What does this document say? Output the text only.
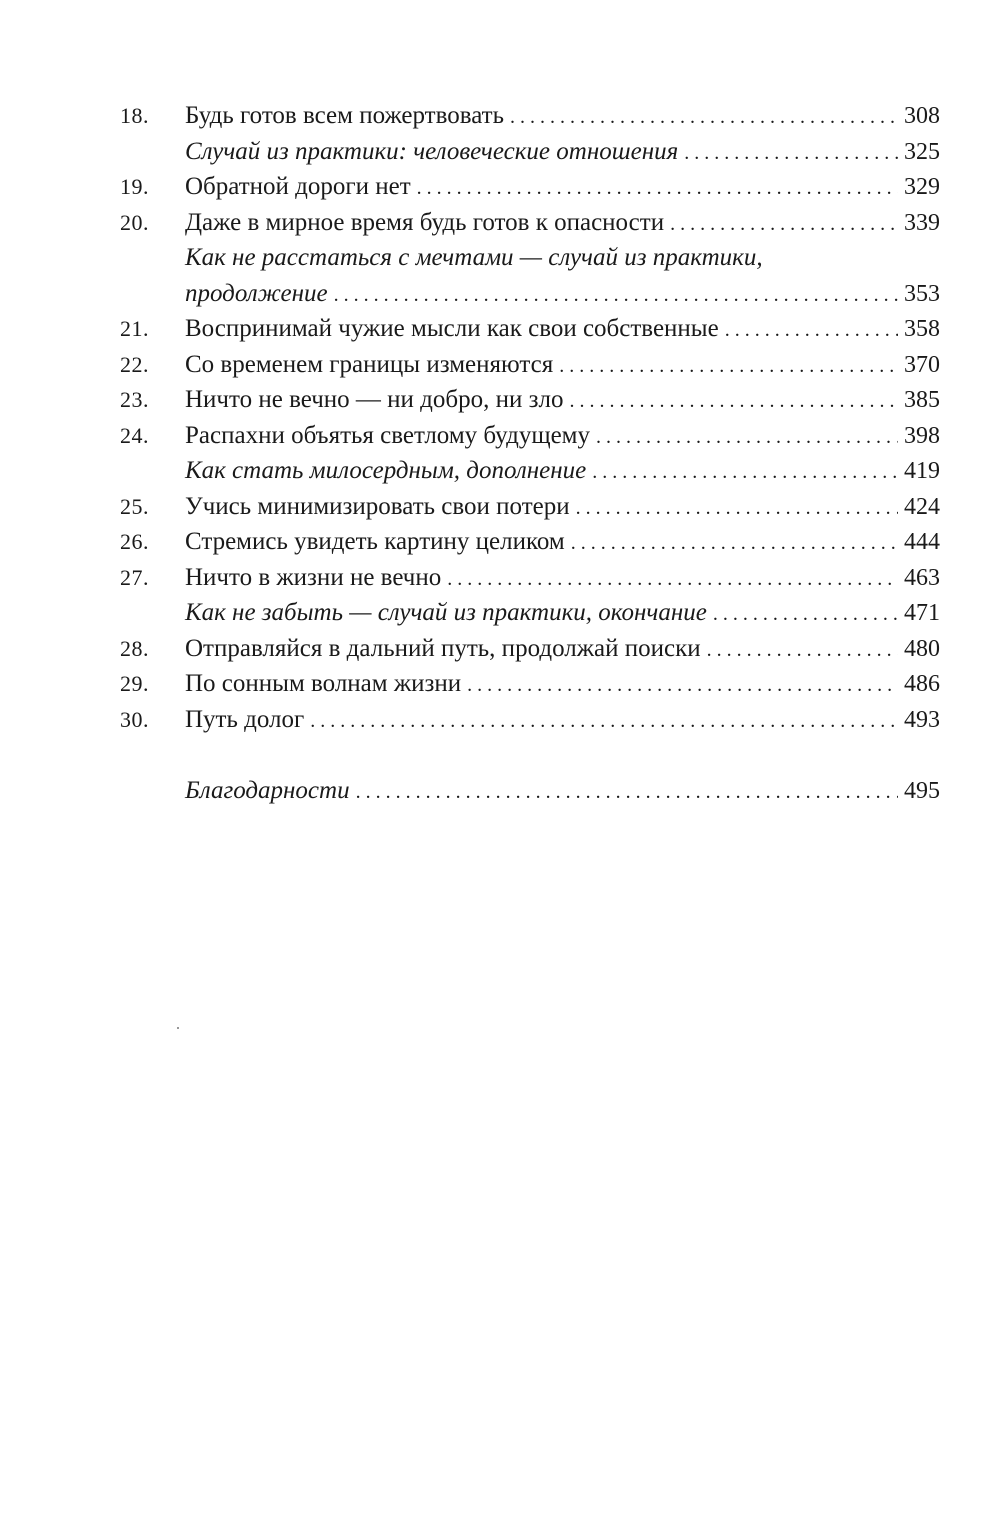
18.	Будь готов всем пожертвовать . . .	308
Случай из практики: человеческие отношения . . .	325
19.	Обратной дороги нет . . .	329
20.	Даже в мирное время будь готов к опасности . . .	339
Как не расстаться с мечтами — случай из практики,
продолжение . . .	353
21.	Воспринимай чужие мысли как свои собственные . . .	358
22.	Со временем границы изменяются . . .	370
23.	Ничто не вечно — ни добро, ни зло . . .	385
24.	Распахни объятья светлому будущему . . .	398
Как стать милосердным, дополнение . . .	419
25.	Учись минимизировать свои потери . . .	424
26.	Стремись увидеть картину целиком . . .	444
27.	Ничто в жизни не вечно . . .	463
Как не забыть — случай из практики, окончание . . .	471
28.	Отправляйся в дальний путь, продолжай поиски . . .	480
29.	По сонным волнам жизни . . .	486
30.	Путь долог . . .	493
Благодарности . . .	495
